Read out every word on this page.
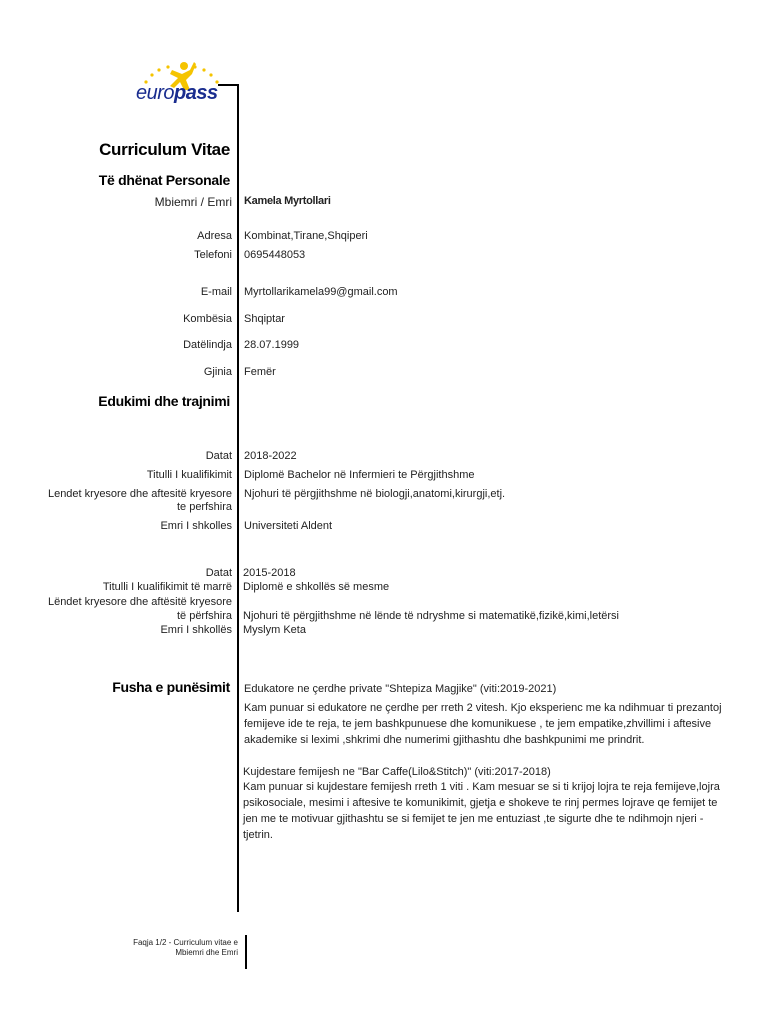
europass
Curriculum Vitae
Të dhënat Personale
Mbiemri / Emri Kamela Myrtollari
Adresa Kombinat,Tirane,Shqiperi
Telefoni 0695448053
E-mail Myrtollarikamela99@gmail.com
Kombësia Shqiptar
Datëlindja 28.07.1999
Gjinia Femër
Edukimi dhe trajnimi
Datat 2018-2022
Titulli I kualifikimit Diplomë Bachelor në Infermieri te Përgjithshme
Lendet kryesore dhe aftesitë kryesore
te perfshira
Njohuri të përgjithshme në biologji,anatomi,kirurgji,etj.
Emri I shkolles Universiteti Aldent
Datat 2015-2018
Titulli I kualifikimit të marrë Diplomë e shkollës së mesme
Lëndet kryesore dhe aftësitë kryesore
të përfshira Njohuri të përgjithshme në lënde të ndryshme si matematikë,fizikë,kimi,letërsi
Emri I shkollës Myslym Keta
Fusha e punësimit Edukatore ne çerdhe private "Shtepiza Magjike" (viti:2019-2021)
Kam punuar si edukatore ne çerdhe per rreth 2 vitesh. Kjo eksperienc me ka ndihmuar ti prezantoj femijeve ide te reja, te jem bashkpunuese dhe komunikuese , te jem empatike,zhvillimi i aftesive akademike si leximi ,shkrimi dhe numerimi gjithashtu dhe bashkpunimi me prindrit.
Kujdestare femijesh ne "Bar Caffe(Lilo&Stitch)" (viti:2017-2018)
Kam punuar si kujdestare femijesh rreth 1 viti . Kam mesuar se si ti krijoj lojra te reja femijeve,lojra psikosociale, mesimi i aftesive te komunikimit, gjetja e shokeve te rinj permes lojrave qe femijet te jen me te motivuar gjithashtu se si femijet te jen me entuziast ,te sigurte dhe te ndihmojn njeri -tjetrin.
Faqja 1/2 - Curriculum vitae e
Mbiemri dhe Emri
